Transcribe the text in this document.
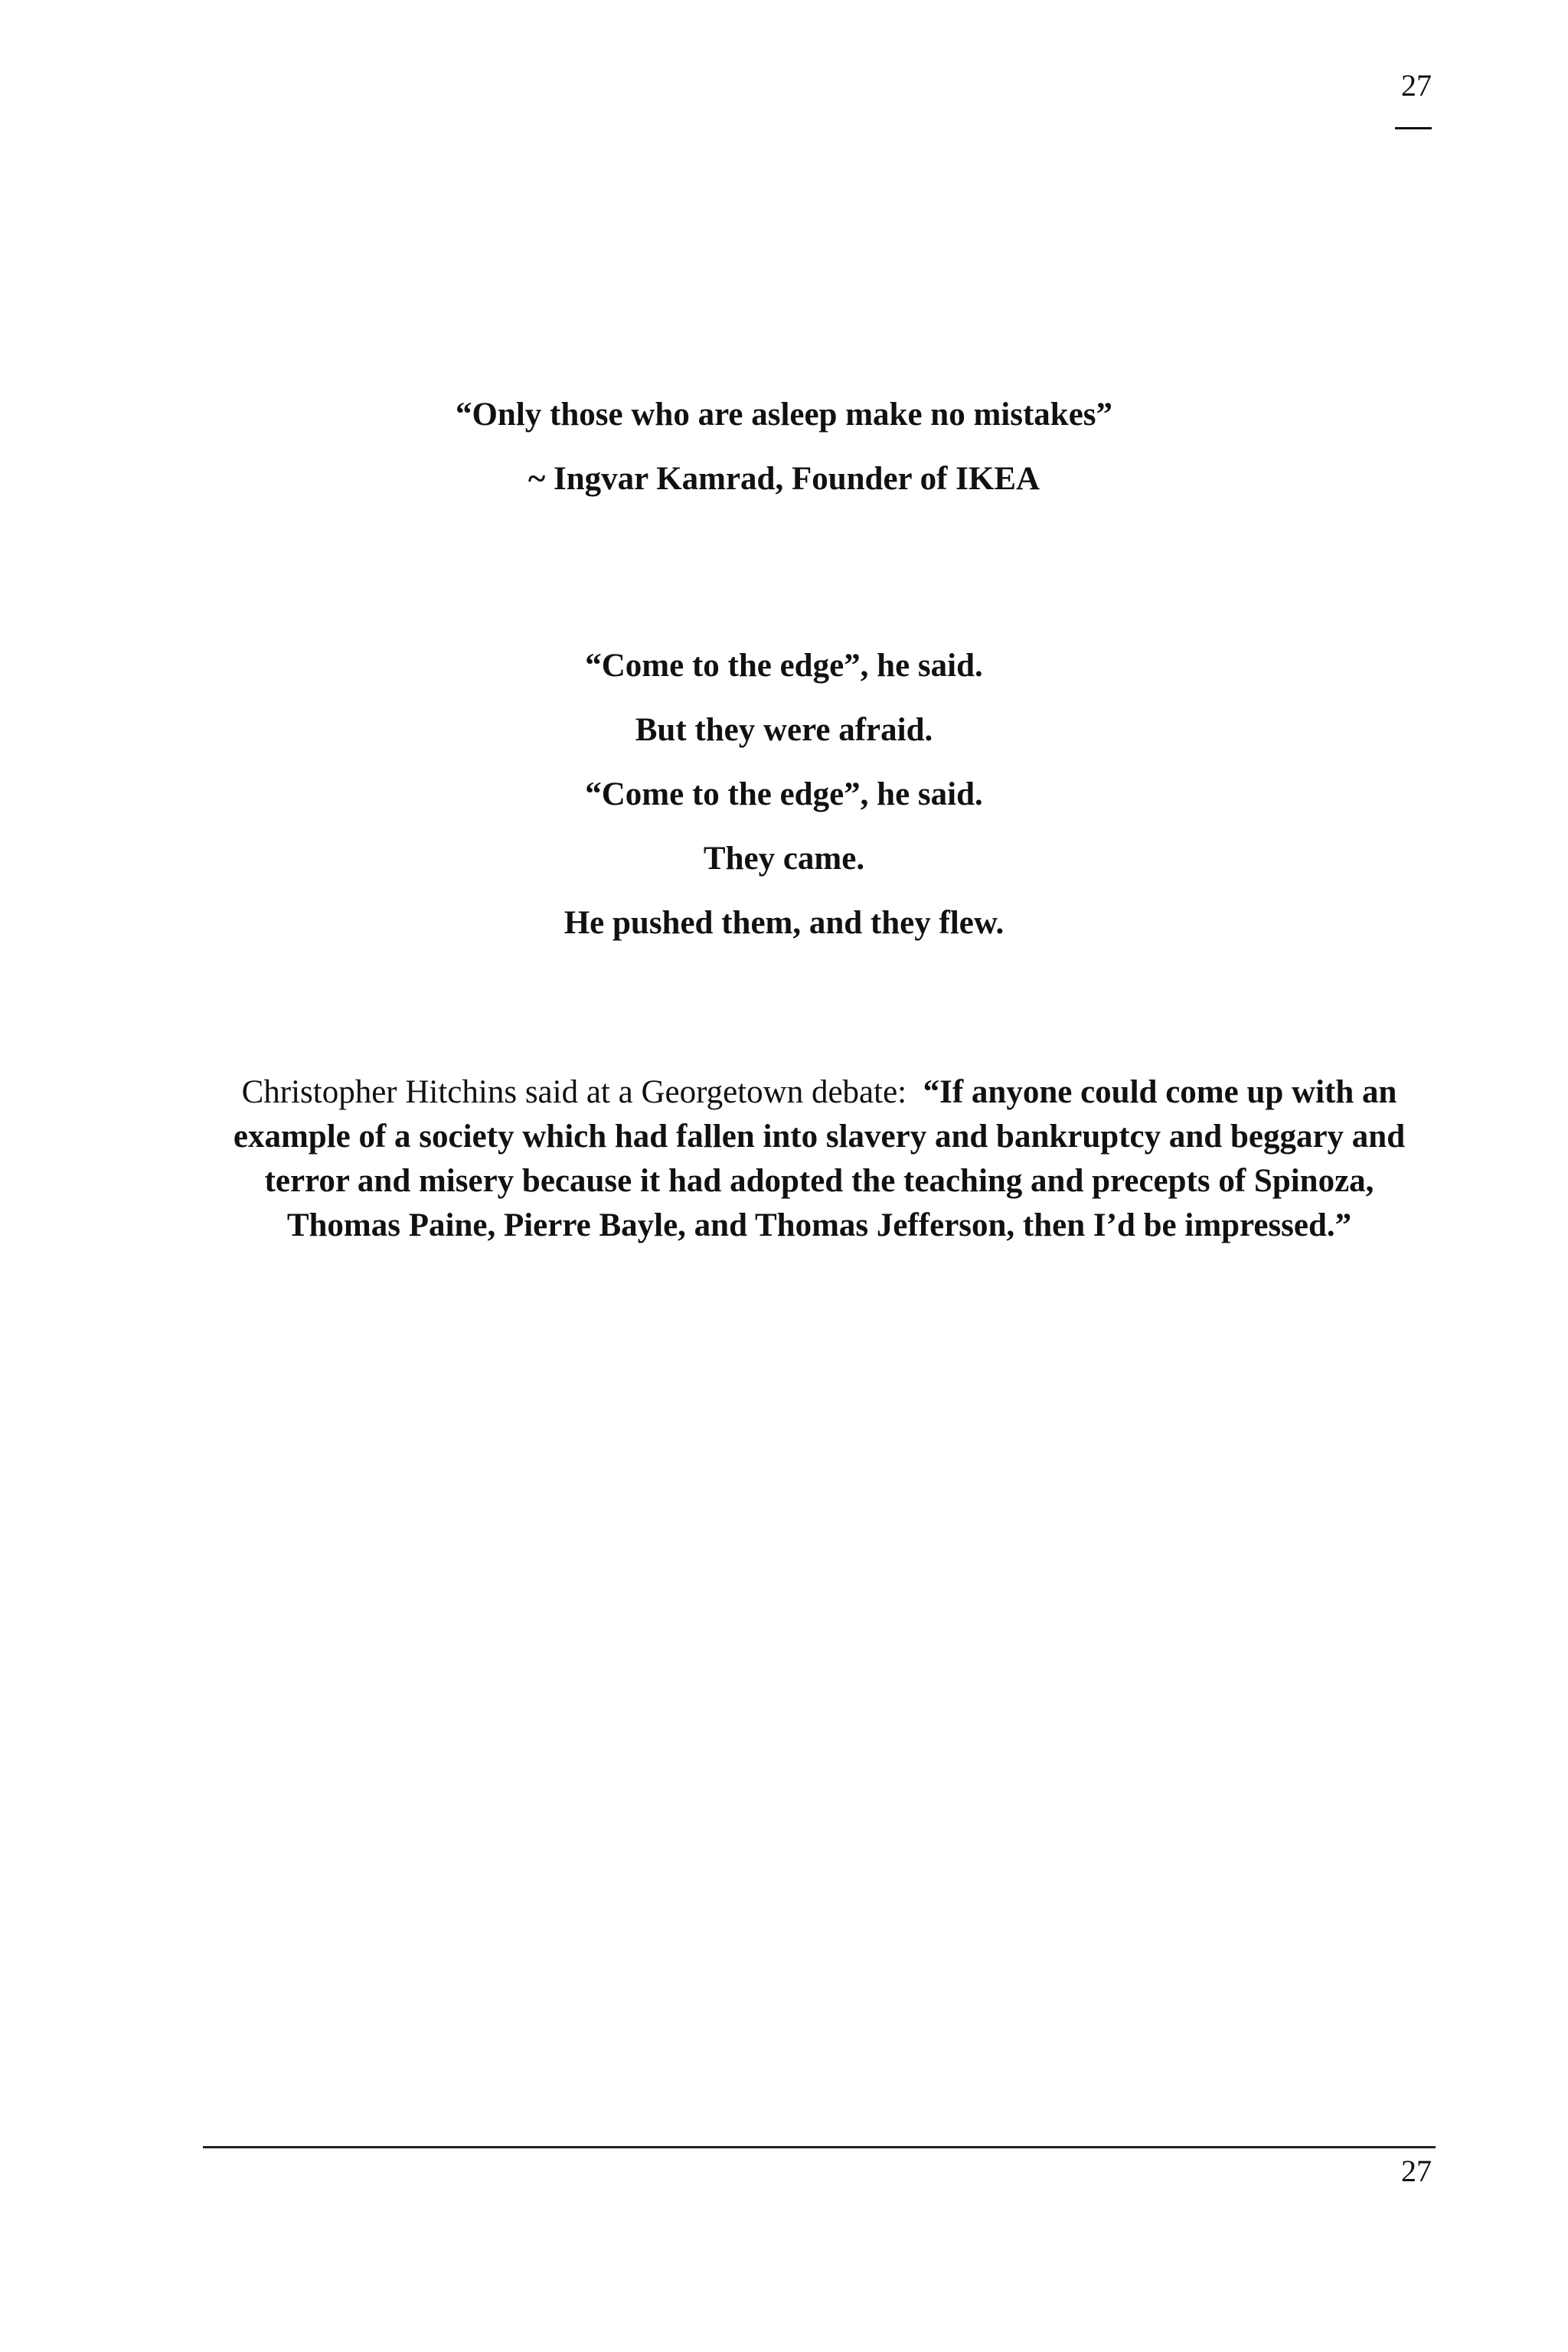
27
“Only those who are asleep make no mistakes”
~ Ingvar Kamrad, Founder of IKEA
“Come to the edge”, he said.
But they were afraid.
“Come to the edge”, he said.
They came.
He pushed them, and they flew.
Christopher Hitchins said at a Georgetown debate: “If anyone could come up with an example of a society which had fallen into slavery and bankruptcy and beggary and terror and misery because it had adopted the teaching and precepts of Spinoza, Thomas Paine, Pierre Bayle, and Thomas Jefferson, then I’d be impressed.”
27
